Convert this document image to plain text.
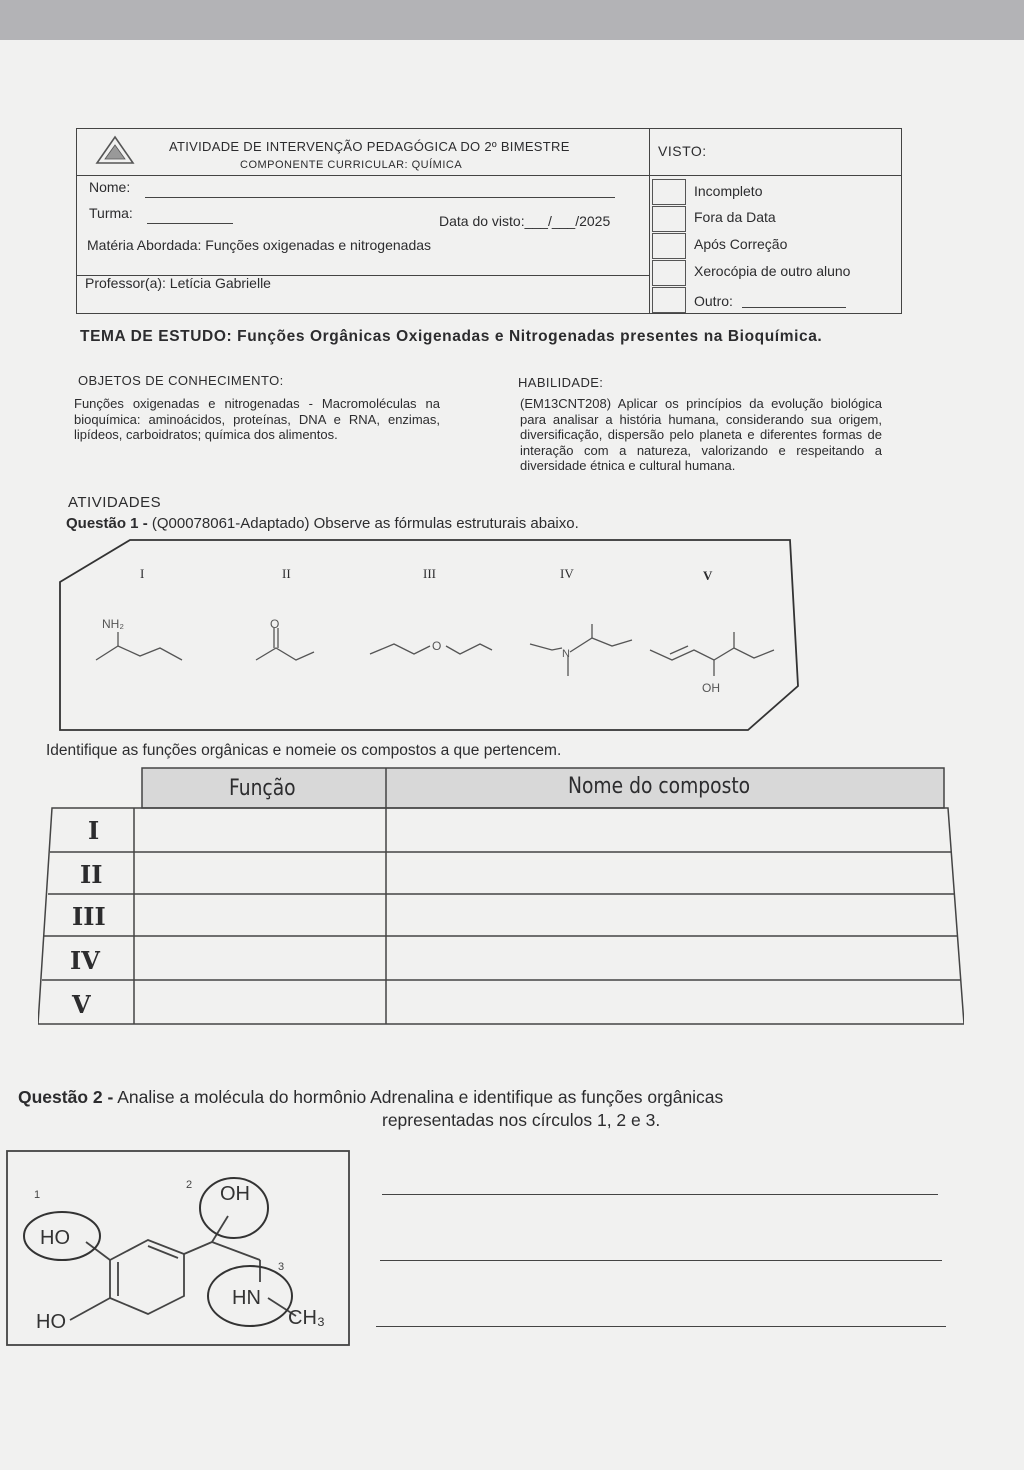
ATIVIDADE DE INTERVENÇÃO PEDAGÓGICA DO 2º BIMESTRE
COMPONENTE CURRICULAR: QUÍMICA
Nome:
Turma:	Data do visto:___/___/2025
Matéria Abordada: Funções oxigenadas e nitrogenadas
Professor(a): Letícia Gabrielle
VISTO:
Incompleto
Fora da Data
Após Correção
Xerocópia de outro aluno
Outro:
TEMA DE ESTUDO: Funções Orgânicas Oxigenadas e Nitrogenadas presentes na Bioquímica.
OBJETOS DE CONHECIMENTO:
Funções oxigenadas e nitrogenadas - Macromoléculas na bioquímica: aminoácidos, proteínas, DNA e RNA, enzimas, lipídeos, carboidratos; química dos alimentos.
HABILIDADE:
(EM13CNT208) Aplicar os princípios da evolução biológica para analisar a história humana, considerando sua origem, diversificação, dispersão pelo planeta e diferentes formas de interação com a natureza, valorizando e respeitando a diversidade étnica e cultural humana.
ATIVIDADES
Questão 1 - (Q00078061-Adaptado) Observe as fórmulas estruturais abaixo.
NH₂	O
O
N
OH
I	II	III	IV	V
Identifique as funções orgânicas e nomeie os compostos a que pertencem.
Função	Nome do composto
I
II
III
IV
V
Questão 2 - Analise a molécula do hormônio Adrenalina e identifique as funções orgânicas
representadas nos círculos 1, 2 e 3.
1
2
3
OH
HO
HO
HN
CH₃
